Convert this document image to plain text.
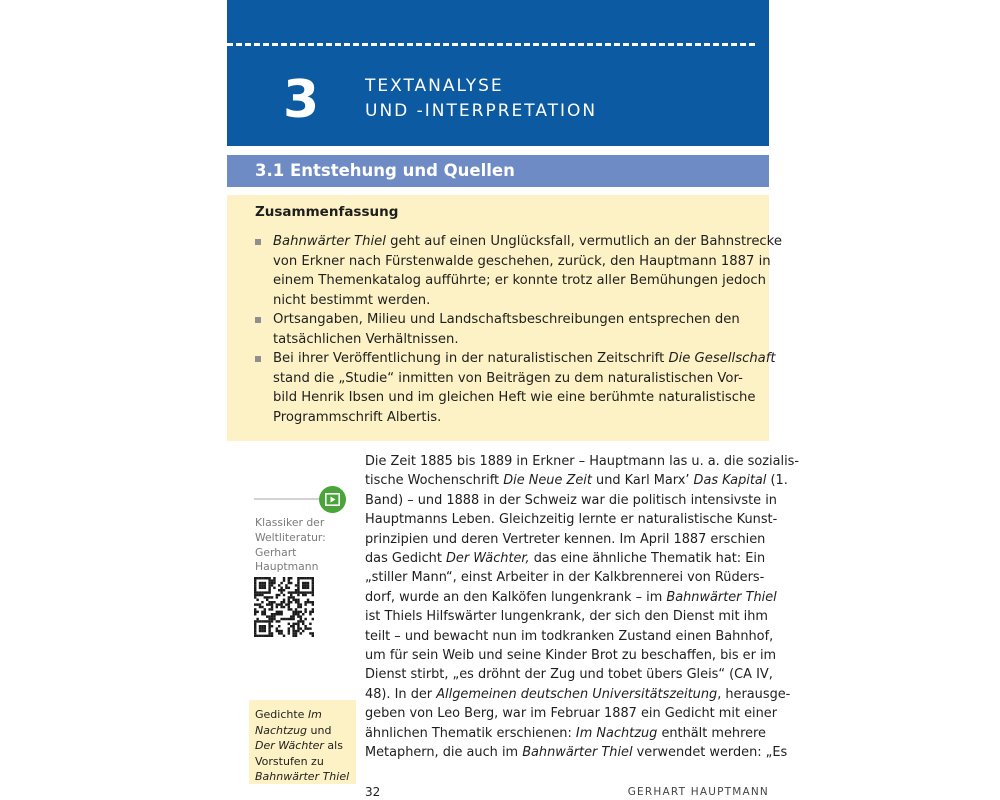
3	TEXTANALYSE
UND -INTERPRETATION
3.1 Entstehung und Quellen
Zusammenfassung
Bahnwärter Thiel geht auf einen Unglücksfall, vermutlich an der Bahnstrecke
von Erkner nach Fürstenwalde geschehen, zurück, den Hauptmann 1887 in
einem Themenkatalog aufführte; er konnte trotz aller Bemühungen jedoch
nicht bestimmt werden.
Ortsangaben, Milieu und Landschaftsbeschreibungen entsprechen den
tatsächlichen Verhältnissen.
Bei ihrer Veröffentlichung in der naturalistischen Zeitschrift Die Gesellschaft
stand die „Studie“ inmitten von Beiträgen zu dem naturalistischen Vor-
bild Henrik Ibsen und im gleichen Heft wie eine berühmte naturalistische
Programmschrift Albertis.
Klassiker der
Weltliteratur:
Gerhart
Hauptmann
Gedichte Im
Nachtzug und
Der Wächter als
Vorstufen zu
Bahnwärter Thiel
Die Zeit 1885 bis 1889 in Erkner – Hauptmann las u. a. die sozialis-
tische Wochenschrift Die Neue Zeit und Karl Marx’ Das Kapital (1.
Band) – und 1888 in der Schweiz war die politisch intensivste in
Hauptmanns Leben. Gleichzeitig lernte er naturalistische Kunst-
prinzipien und deren Vertreter kennen. Im April 1887 erschien
das Gedicht Der Wächter, das eine ähnliche Thematik hat: Ein
„stiller Mann“, einst Arbeiter in der Kalkbrennerei von Rüders-
dorf, wurde an den Kalköfen lungenkrank – im Bahnwärter Thiel
ist Thiels Hilfswärter lungenkrank, der sich den Dienst mit ihm
teilt – und bewacht nun im todkranken Zustand einen Bahnhof,
um für sein Weib und seine Kinder Brot zu beschaffen, bis er im
Dienst stirbt, „es dröhnt der Zug und tobet übers Gleis“ (CA IV,
48). In der Allgemeinen deutschen Universitätszeitung, herausge-
geben von Leo Berg, war im Februar 1887 ein Gedicht mit einer
ähnlichen Thematik erschienen: Im Nachtzug enthält mehrere
Metaphern, die auch im Bahnwärter Thiel verwendet werden: „Es
32	GERHART HAUPTMANN
